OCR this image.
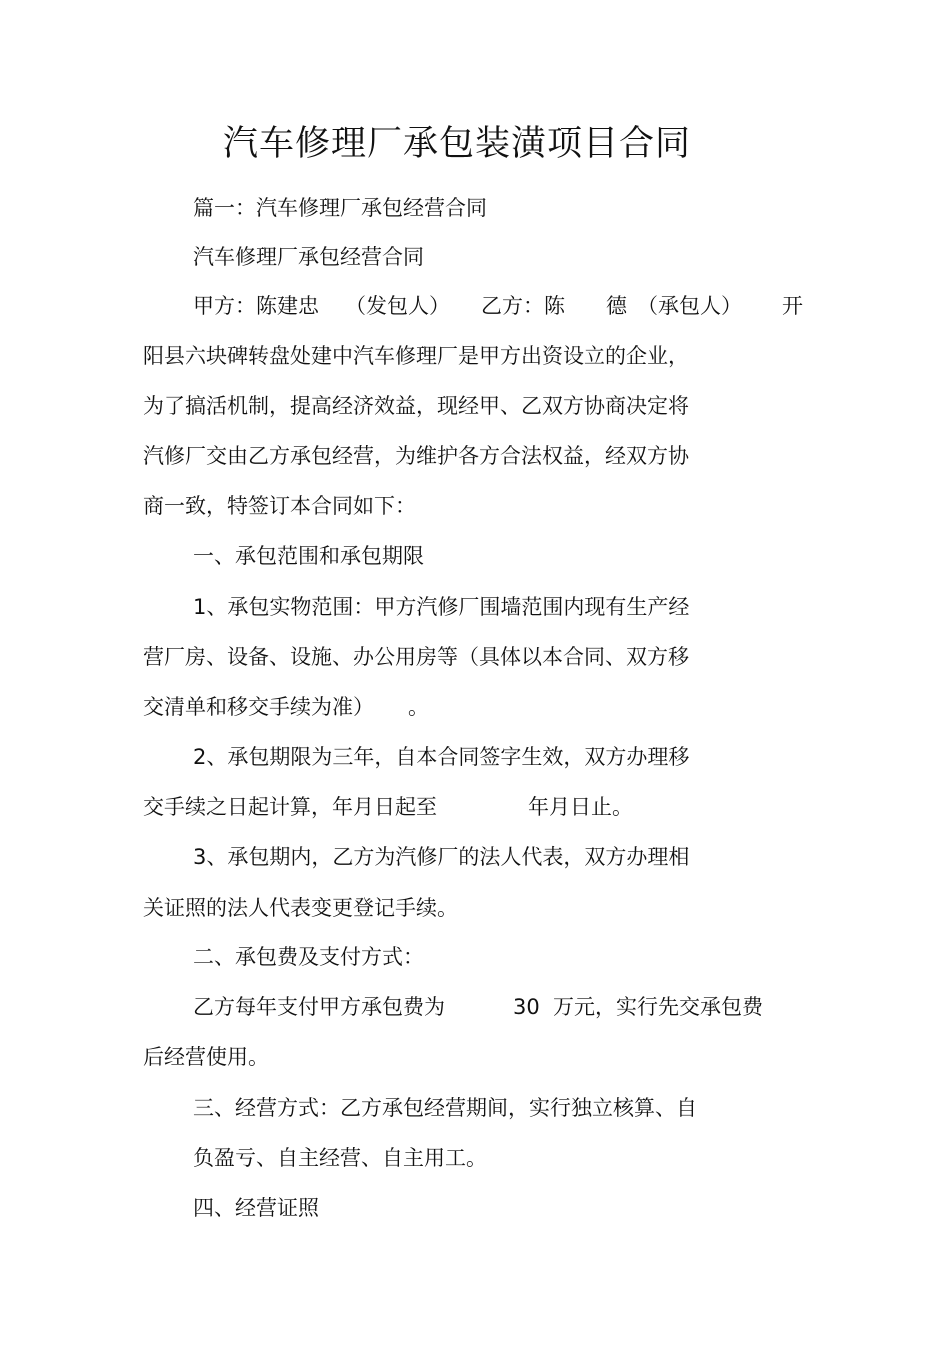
汽车修理厂承包装潢项目合同
篇一：汽车修理厂承包经营合同
汽车修理厂承包经营合同

甲方：陈建忠

（发包人）

乙方：陈

德

（承包人）

开

阳县六块碑转盘处建中汽车修理厂是甲方出资设立的企业，
为了搞活机制，提高经济效益，现经甲、乙双方协商决定将
汽修厂交由乙方承包经营，为维护各方合法权益，经双方协
商一致，特签订本合同如下：
一、承包范围和承包期限
1、承包实物范围：甲方汽修厂围墙范围内现有生产经
营厂房、设备、设施、办公用房等（具体以本合同、双方移

交清单和移交手续为准）

。

2、承包期限为三年，自本合同签字生效，双方办理移

交手续之日起计算，年月日起至

	年月日止。

3、承包期内，乙方为汽修厂的法人代表，双方办理相
关证照的法人代表变更登记手续。
二、承包费及支付方式：

乙方每年支付甲方承包费为

	30

万元，实行先交承包费

后经营使用。
三、经营方式：乙方承包经营期间，实行独立核算、自
负盈亏、自主经营、自主用工。
四、经营证照
